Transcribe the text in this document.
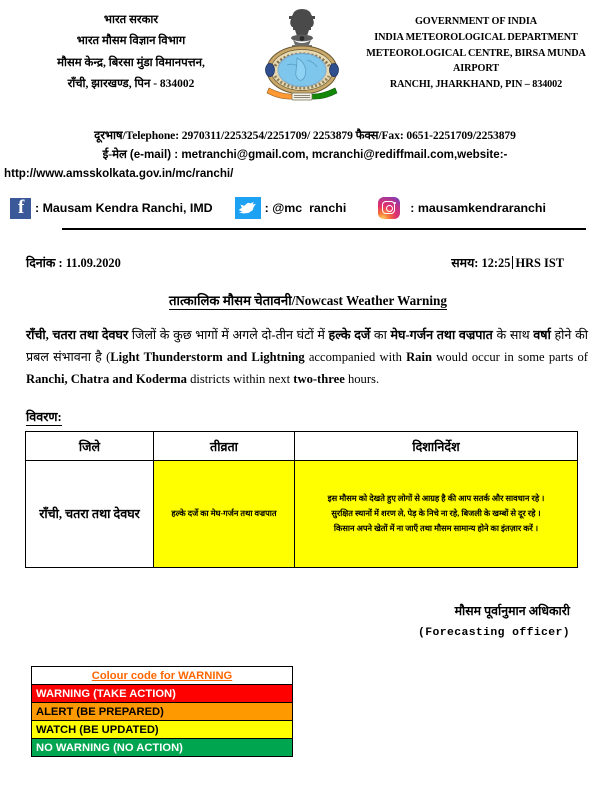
भारत सरकार
भारत मौसम विज्ञान विभाग
मौसम केन्द्र, बिरसा मुंडा विमानपत्तन,
राँची, झारखण्ड, पिन - 834002
GOVERNMENT OF INDIA
INDIA METEOROLOGICAL DEPARTMENT
METEOROLOGICAL CENTRE, BIRSA MUNDA AIRPORT
RANCHI, JHARKHAND, PIN – 834002
दूरभाष/Telephone: 2970311/2253254/2251709/ 2253879 फैक्स/Fax: 0651-2251709/2253879
ई-मेल (e-mail) : metranchi@gmail.com, mcranchi@rediffmail.com,website:-
http://www.amsskolkata.gov.in/mc/ranchi/
f
: Mausam Kendra Ranchi, IMD	: @mc  ranchi	: mausamkendraranchi
दिनांक : 11.09.2020	समय: 12:25 HRS IST
तात्कालिक मौसम चेतावनी/Nowcast Weather Warning
राँची, चतरा तथा देवघर जिलों के कुछ भागों में अगले दो-तीन घंटों में हल्के दर्जे का मेघ-गर्जन तथा वज्रपात के साथ वर्षा होने की प्रबल संभावना है (Light Thunderstorm and Lightning accompanied with Rain would occur in some parts of Ranchi, Chatra and Koderma districts within next two-three hours.
विवरण:
जिले	तीव्रता	दिशानिर्देश
राँची, चतरा तथा देवघर	हल्के दर्जे का मेघ-गर्जन तथा वज्रपात	इस मौसम को देखते हुए लोगों से आग्रह है की आप सतर्क और सावधान रहे ।
सुरक्षित स्थानों में शरण ले, पेड़ के निचे ना रहे, बिजली के खम्बों से दूर रहे ।
किसान अपने खेतों में ना जाएँ तथा मौसम सामान्य होने का इंतज़ार करें ।
मौसम पूर्वानुमान अधिकारी
(Forecasting officer)
Colour code for WARNING
WARNING (TAKE ACTION)
ALERT (BE PREPARED)
WATCH (BE UPDATED)
NO WARNING (NO ACTION)
